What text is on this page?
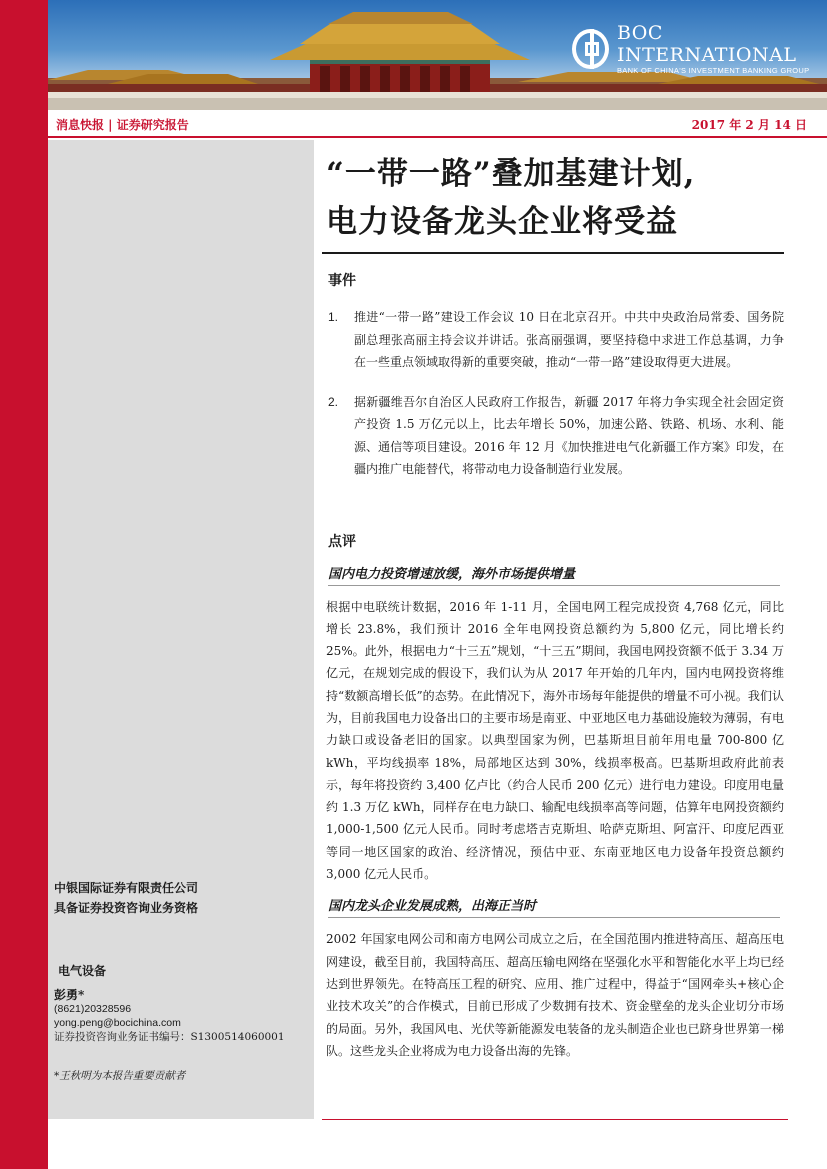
BOC INTERNATIONAL
BANK OF CHINA'S INVESTMENT BANKING GROUP
消息快报 | 证券研究报告	2017 年 2 月 14 日
中银国际证券有限责任公司
具备证券投资咨询业务资格
电气设备
彭勇*
(8621)20328596
yong.peng@bocichina.com
证券投资咨询业务证书编号：S1300514060001
*王秋明为本报告重要贡献者
“一带一路”叠加基建计划,
电力设备龙头企业将受益
事件
1.	推进“一带一路”建设工作会议 10 日在北京召开。中共中央政治局常委、国务院副总理张高丽主持会议并讲话。张高丽强调，要坚持稳中求进工作总基调，力争在一些重点领域取得新的重要突破，推动“一带一路”建设取得更大进展。
2.	据新疆维吾尔自治区人民政府工作报告，新疆 2017 年将力争实现全社会固定资产投资 1.5 万亿元以上，比去年增长 50%，加速公路、铁路、机场、水利、能源、通信等项目建设。2016 年 12 月《加快推进电气化新疆工作方案》印发，在疆内推广电能替代，将带动电力设备制造行业发展。
点评
国内电力投资增速放缓，海外市场提供增量
根据中电联统计数据，2016 年 1-11 月，全国电网工程完成投资 4,768 亿元，同比增长 23.8%，我们预计 2016 全年电网投资总额约为 5,800 亿元，同比增长约 25%。此外，根据电力“十三五”规划，“十三五”期间，我国电网投资额不低于 3.34 万亿元，在规划完成的假设下，我们认为从 2017 年开始的几年内，国内电网投资将维持“数额高增长低”的态势。在此情况下，海外市场每年能提供的增量不可小视。我们认为，目前我国电力设备出口的主要市场是南亚、中亚地区电力基础设施较为薄弱，有电力缺口或设备老旧的国家。以典型国家为例，巴基斯坦目前年用电量 700-800 亿 kWh，平均线损率 18%，局部地区达到 30%，线损率极高。巴基斯坦政府此前表示，每年将投资约 3,400 亿卢比（约合人民币 200 亿元）进行电力建设。印度用电量约 1.3 万亿 kWh，同样存在电力缺口、输配电线损率高等问题，估算年电网投资额约 1,000-1,500 亿元人民币。同时考虑塔吉克斯坦、哈萨克斯坦、阿富汗、印度尼西亚等同一地区国家的政治、经济情况，预估中亚、东南亚地区电力设备年投资总额约 3,000 亿元人民币。
国内龙头企业发展成熟，出海正当时
2002 年国家电网公司和南方电网公司成立之后，在全国范围内推进特高压、超高压电网建设，截至目前，我国特高压、超高压输电网络在坚强化水平和智能化水平上均已经达到世界领先。在特高压工程的研究、应用、推广过程中，得益于“国网牵头+核心企业技术攻关”的合作模式，目前已形成了少数拥有技术、资金壁垒的龙头企业切分市场的局面。另外，我国风电、光伏等新能源发电装备的龙头制造企业也已跻身世界第一梯队。这些龙头企业将成为电力设备出海的先锋。
